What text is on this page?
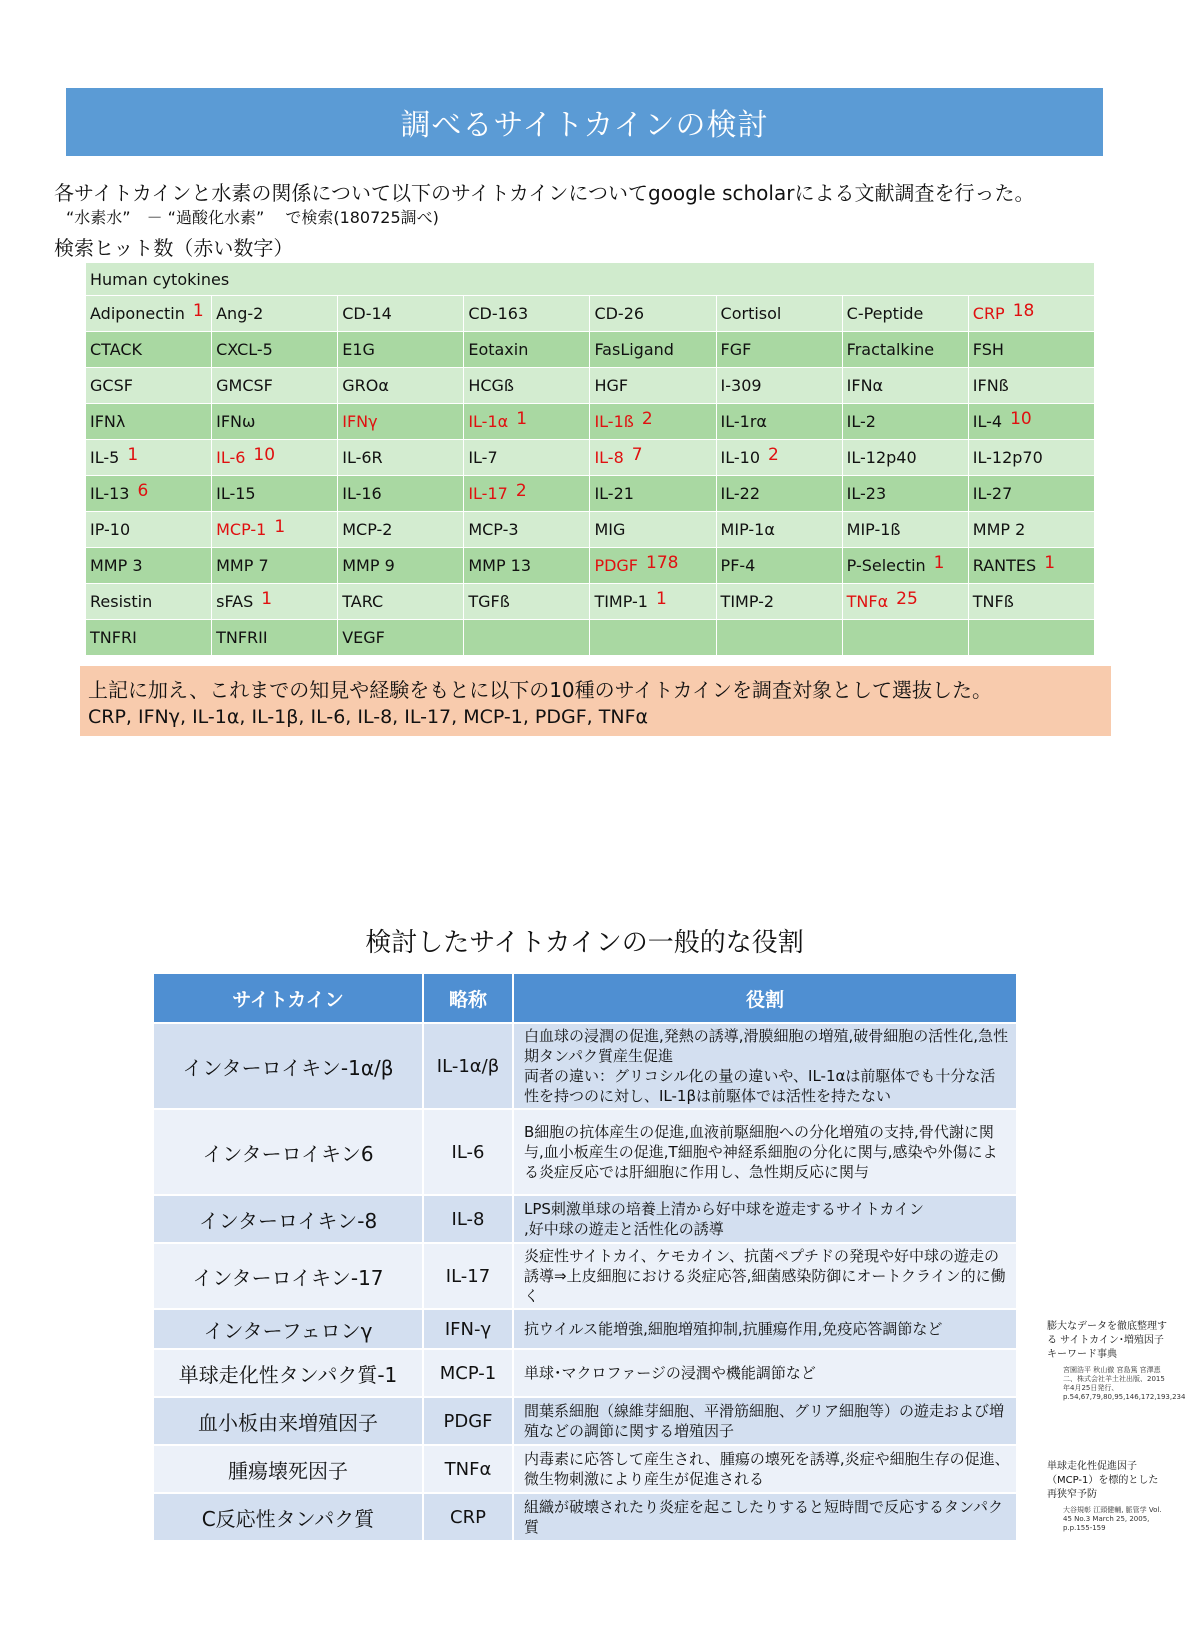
調べるサイトカインの検討
各サイトカインと水素の関係について以下のサイトカインについてgoogle scholarによる文献調査を行った。
“水素水”　－ “過酸化水素”　 で検索(180725調べ)
検索ヒット数（赤い数字）
Human cytokines							
Adiponectin 1	Ang-2	CD-14	CD-163	CD-26	Cortisol	C-Peptide	CRP 18
CTACK	CXCL-5	E1G	Eotaxin	FasLigand	FGF	Fractalkine	FSH
GCSF	GMCSF	GROα	HCGß	HGF	I-309	IFNα	IFNß
IFNλ	IFNω	IFNγ	IL-1α 1	IL-1ß 2	IL-1rα	IL-2	IL-4 10
IL-5 1	IL-6 10	IL-6R	IL-7	IL-8 7	IL-10 2	IL-12p40	IL-12p70
IL-13 6	IL-15	IL-16	IL-17 2	IL-21	IL-22	IL-23	IL-27
IP-10	MCP-1 1	MCP-2	MCP-3	MIG	MIP-1α	MIP-1ß	MMP 2
MMP 3	MMP 7	MMP 9	MMP 13	PDGF 178	PF-4	P-Selectin 1	RANTES 1
Resistin	sFAS 1	TARC	TGFß	TIMP-1 1	TIMP-2	TNFα 25	TNFß
TNFRI	TNFRII	VEGF					
上記に加え、これまでの知見や経験をもとに以下の10種のサイトカインを調査対象として選抜した。
CRP, IFNγ, IL-1α, IL-1β, IL-6, IL-8, IL-17, MCP-1, PDGF, TNFα
検討したサイトカインの一般的な役割
サイトカイン	略称	役割
インターロイキン-1α/β	IL-1α/β	白血球の浸潤の促進,発熱の誘導,滑膜細胞の増殖,破骨細胞の活性化,急性期タンパク質産生促進
両者の違い：グリコシル化の量の違いや、IL-1αは前駆体でも十分な活性を持つのに対し、IL-1βは前駆体では活性を持たない
インターロイキン6	IL-6	B細胞の抗体産生の促進,血液前駆細胞への分化増殖の支持,骨代謝に関与,血小板産生の促進,T細胞や神経系細胞の分化に関与,感染や外傷による炎症反応では肝細胞に作用し、急性期反応に関与
インターロイキン-8	IL-8	LPS刺激単球の培養上清から好中球を遊走するサイトカイン
,好中球の遊走と活性化の誘導
インターロイキン-17	IL-17	炎症性サイトカイ、ケモカイン、抗菌ペプチドの発現や好中球の遊走の誘導⇒上皮細胞における炎症応答,細菌感染防御にオートクライン的に働く
インターフェロンγ	IFN-γ	抗ウイルス能増強,細胞増殖抑制,抗腫瘍作用,免疫応答調節など
単球走化性タンパク質-1	MCP-1	単球･マクロファージの浸潤や機能調節など
血小板由来増殖因子	PDGF	間葉系細胞（線維芽細胞、平滑筋細胞、グリア細胞等）の遊走および増殖などの調節に関する増殖因子
腫瘍壊死因子	TNFα	内毒素に応答して産生され、腫瘍の壊死を誘導,炎症や細胞生存の促進、微生物刺激により産生が促進される
C反応性タンパク質	CRP	組織が破壊されたり炎症を起こしたりすると短時間で反応するタンパク質
膨大なデータを徹底整理する サイトカイン･増殖因子キーワード事典
宮園浩平 秋山徹 宮島篤 宮澤恵二、株式会社羊土社出版、2015年4月25日発行、p.54,67,79,80,95,146,172,193,234
単球走化性促進因子（MCP-1）を標的とした再狭窄予防
大谷規彰 江頭健輔, 脈管学 Vol. 45 No.3 March 25, 2005, p.p.155-159
